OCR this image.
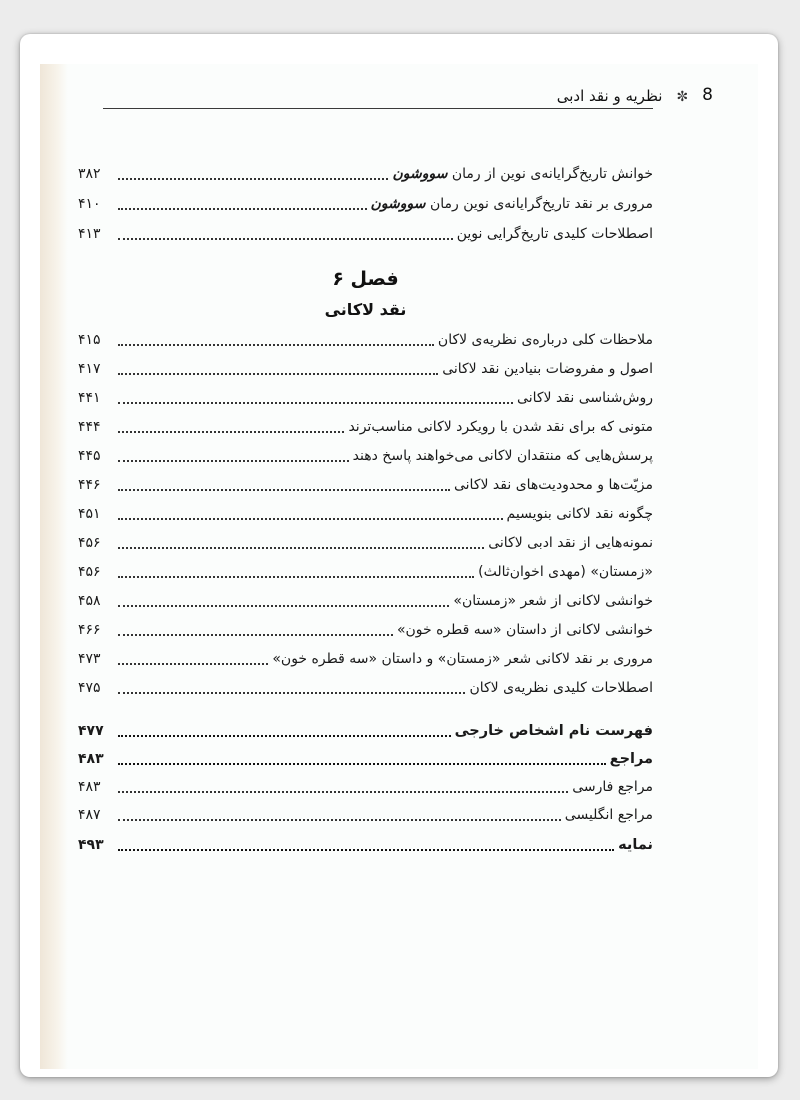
8
✼
نظریه و نقد ادبی
خوانش تاریخ‌گرایانه‌ی نوین از رمان سووشون
۳۸۲
مروری بر نقد تاریخ‌گرایانه‌ی نوین رمان سووشون
۴۱۰
اصطلاحات کلیدی تاریخ‌گرایی نوین
۴۱۳
فصل ۶
نقد لاکانی
ملاحظات کلی درباره‌ی نظریه‌ی لاکان
۴۱۵
اصول و مفروضات بنیادین نقد لاکانی
۴۱۷
روش‌شناسی نقد لاکانی
۴۴۱
متونی که برای نقد شدن با رویکرد لاکانی مناسب‌ترند
۴۴۴
پرسش‌هایی که منتقدان لاکانی می‌خواهند پاسخ دهند
۴۴۵
مزیّت‌ها و محدودیت‌های نقد لاکانی
۴۴۶
چگونه نقد لاکانی بنویسیم
۴۵۱
نمونه‌هایی از نقد ادبی لاکانی
۴۵۶
«زمستان» (مهدی اخوان‌ثالث)
۴۵۶
خوانشی لاکانی از شعر «زمستان»
۴۵۸
خوانشی لاکانی از داستان «سه قطره خون»
۴۶۶
مروری بر نقد لاکانی شعر «زمستان» و داستان «سه قطره خون»
۴۷۳
اصطلاحات کلیدی نظریه‌ی لاکان
۴۷۵
فهرست نام اشخاص خارجی
۴۷۷
مراجع
۴۸۳
مراجع فارسی
۴۸۳
مراجع انگلیسی
۴۸۷
نمایه
۴۹۳
